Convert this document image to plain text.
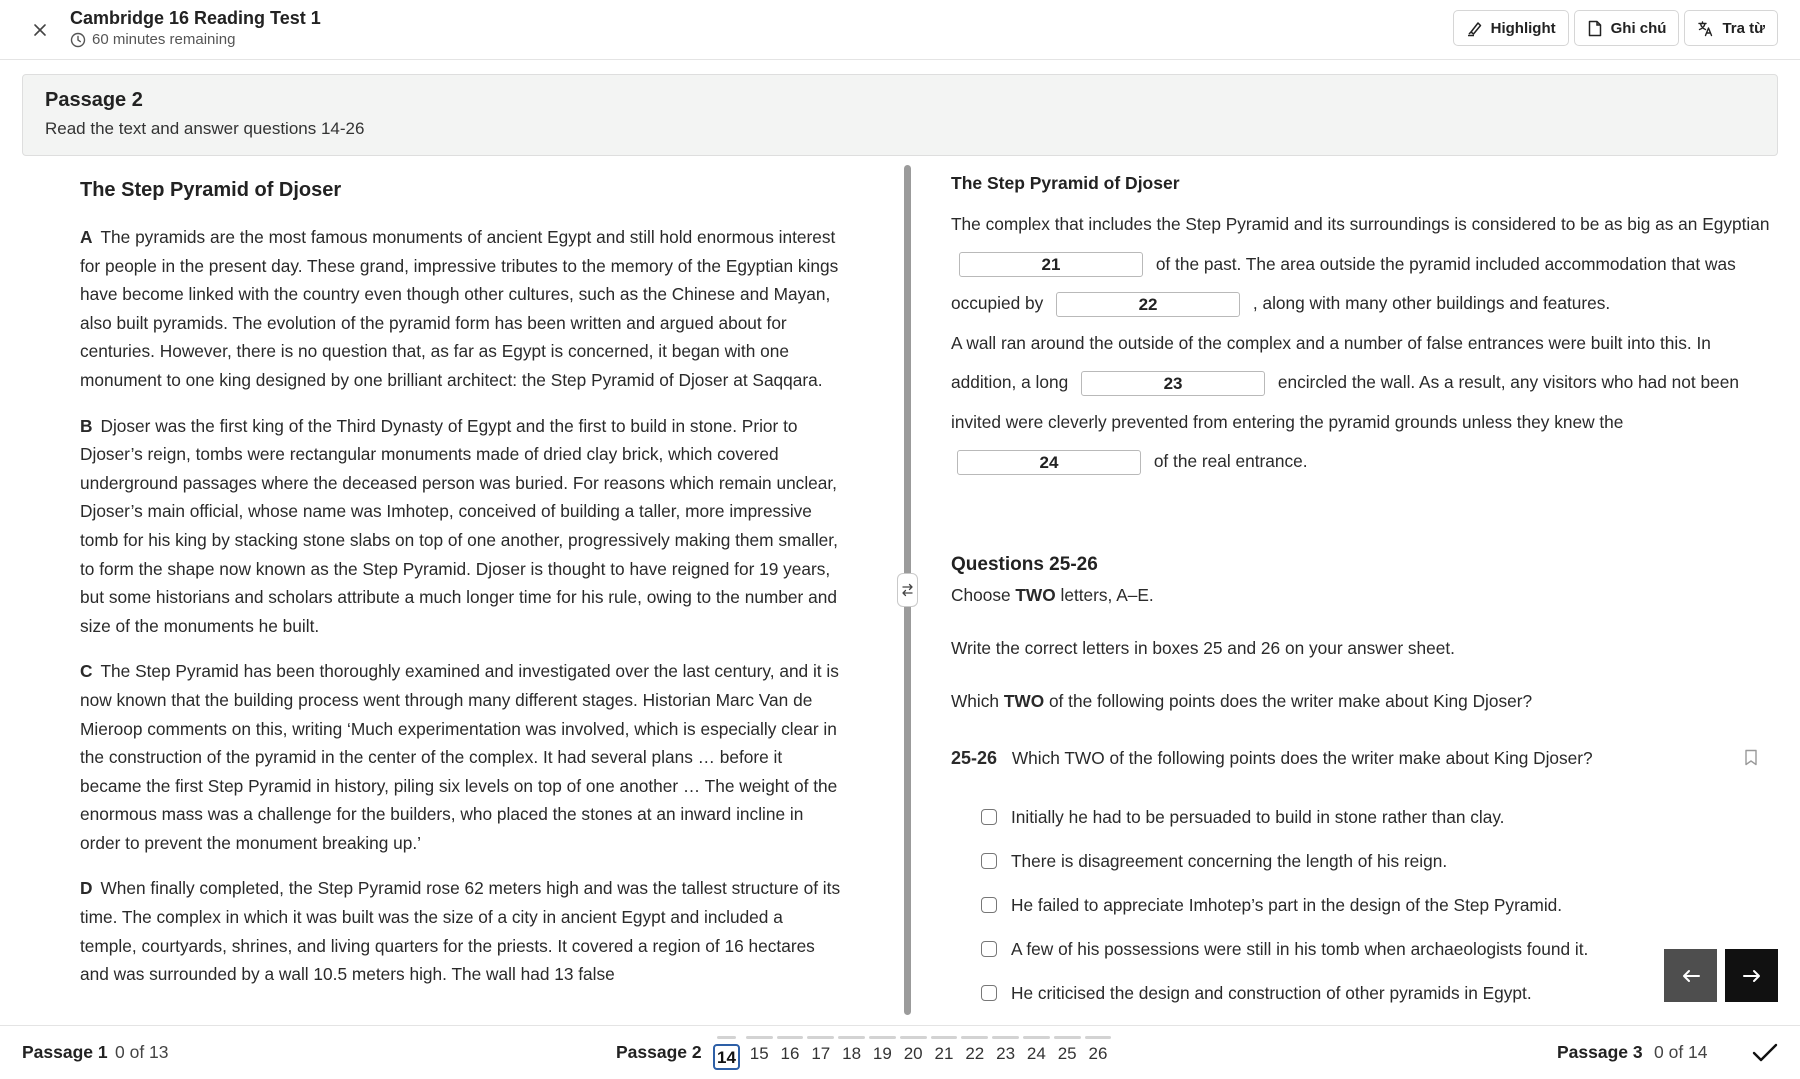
Cambridge 16 Reading Test 1
60 minutes remaining
Highlight	Ghi chú	Tra từ
Passage 2
Read the text and answer questions 14-26
The Step Pyramid of Djoser

A The pyramids are the most famous monuments of ancient Egypt and still hold enormous interest for people in the present day. These grand, impressive tributes to the memory of the Egyptian kings have become linked with the country even though other cultures, such as the Chinese and Mayan, also built pyramids. The evolution of the pyramid form has been written and argued about for centuries. However, there is no question that, as far as Egypt is concerned, it began with one monument to one king designed by one brilliant architect: the Step Pyramid of Djoser at Saqqara.

B Djoser was the first king of the Third Dynasty of Egypt and the first to build in stone. Prior to Djoser’s reign, tombs were rectangular monuments made of dried clay brick, which covered underground passages where the deceased person was buried. For reasons which remain unclear, Djoser’s main official, whose name was Imhotep, conceived of building a taller, more impressive tomb for his king by stacking stone slabs on top of one another, progressively making them smaller, to form the shape now known as the Step Pyramid. Djoser is thought to have reigned for 19 years, but some historians and scholars attribute a much longer time for his rule, owing to the number and size of the monuments he built.

C The Step Pyramid has been thoroughly examined and investigated over the last century, and it is now known that the building process went through many different stages. Historian Marc Van de Mieroop comments on this, writing ‘Much experimentation was involved, which is especially clear in the construction of the pyramid in the center of the complex. It had several plans … before it became the first Step Pyramid in history, piling six levels on top of one another … The weight of the enormous mass was a challenge for the builders, who placed the stones at an inward incline in order to prevent the monument breaking up.’

D When finally completed, the Step Pyramid rose 62 meters high and was the tallest structure of its time. The complex in which it was built was the size of a city in ancient Egypt and included a temple, courtyards, shrines, and living quarters for the priests. It covered a region of 16 hectares and was surrounded by a wall 10.5 meters high. The wall had 13 false

The Step Pyramid of Djoser
The complex that includes the Step Pyramid and its surroundings is considered to be as big as an Egyptian 21	of the past. The area outside the pyramid included accommodation that was occupied by	22	, along with many other buildings and features.
A wall ran around the outside of the complex and a number of false entrances were built into this. In addition, a long	23	encircled the wall. As a result, any visitors who had not been invited were cleverly prevented from entering the pyramid grounds unless they knew the 24	of the real entrance.
Questions 25-26
Choose TWO letters, A–E.
Write the correct letters in boxes 25 and 26 on your answer sheet.
Which TWO of the following points does the writer make about King Djoser?
25-26 Which TWO of the following points does the writer make about King Djoser?
Initially he had to be persuaded to build in stone rather than clay.
There is disagreement concerning the length of his reign.
He failed to appreciate Imhotep’s part in the design of the Step Pyramid.
A few of his possessions were still in his tomb when archaeologists found it.
He criticised the design and construction of other pyramids in Egypt.
Passage 1 0 of 13	Passage 2 14 15 16 17 18 19 20 21 22 23 24 25 26	Passage 3 0 of 14
